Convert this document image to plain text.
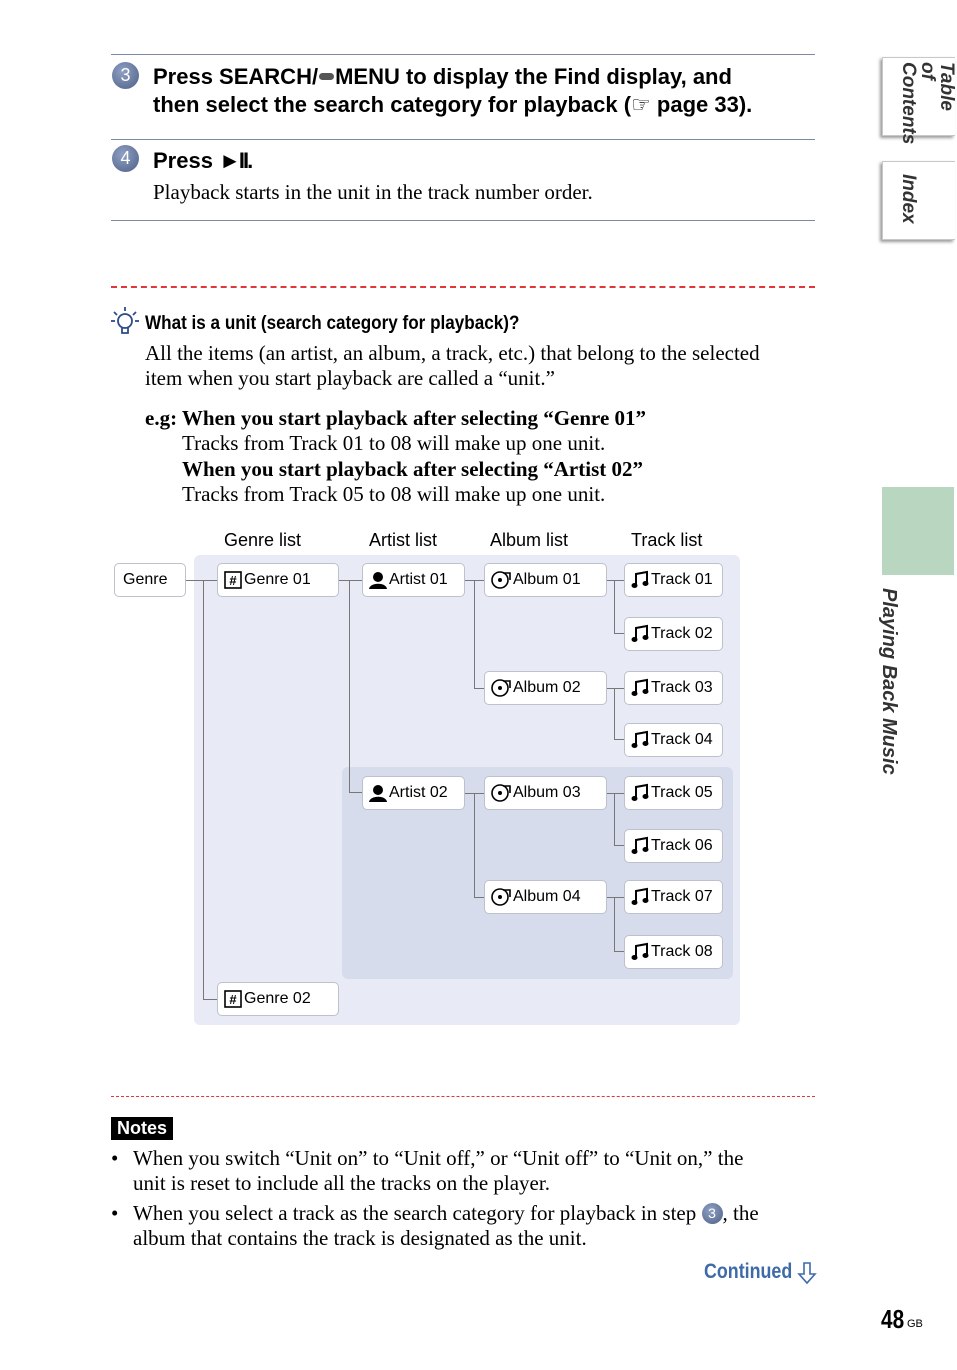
3	Press SEARCH/ MENU to display the Find display, and
then select the search category for playback (☞ page 33).
4	Press ►II.
Playback starts in the unit in the track number order.
What is a unit (search category for playback)?
All the items (an artist, an album, a track, etc.) that belong to the selected
item when you start playback are called a “unit.”
e.g: When you start playback after selecting “Genre 01”
Tracks from Track 01 to 08 will make up one unit.
When you start playback after selecting “Artist 02”
Tracks from Track 05 to 08 will make up one unit.
Genre list	Artist list	Album list	Track list
Genre	# Genre 01
# Genre 02
Artist 01
Artist 02
Album 01
Album 02
Album 03
Album 04
Track 01
Track 02
Track 03
Track 04
Track 05
Track 06
Track 07
Track 08
Notes
• When you switch “Unit on” to “Unit off,” or “Unit off” to “Unit on,” the
unit is reset to include all the tracks on the player.
• When you select a track as the search category for playback in step 3 , the
album that contains the track is designated as the unit.
Continued
48 GB
Table of Contents
Index
Playing Back Music
